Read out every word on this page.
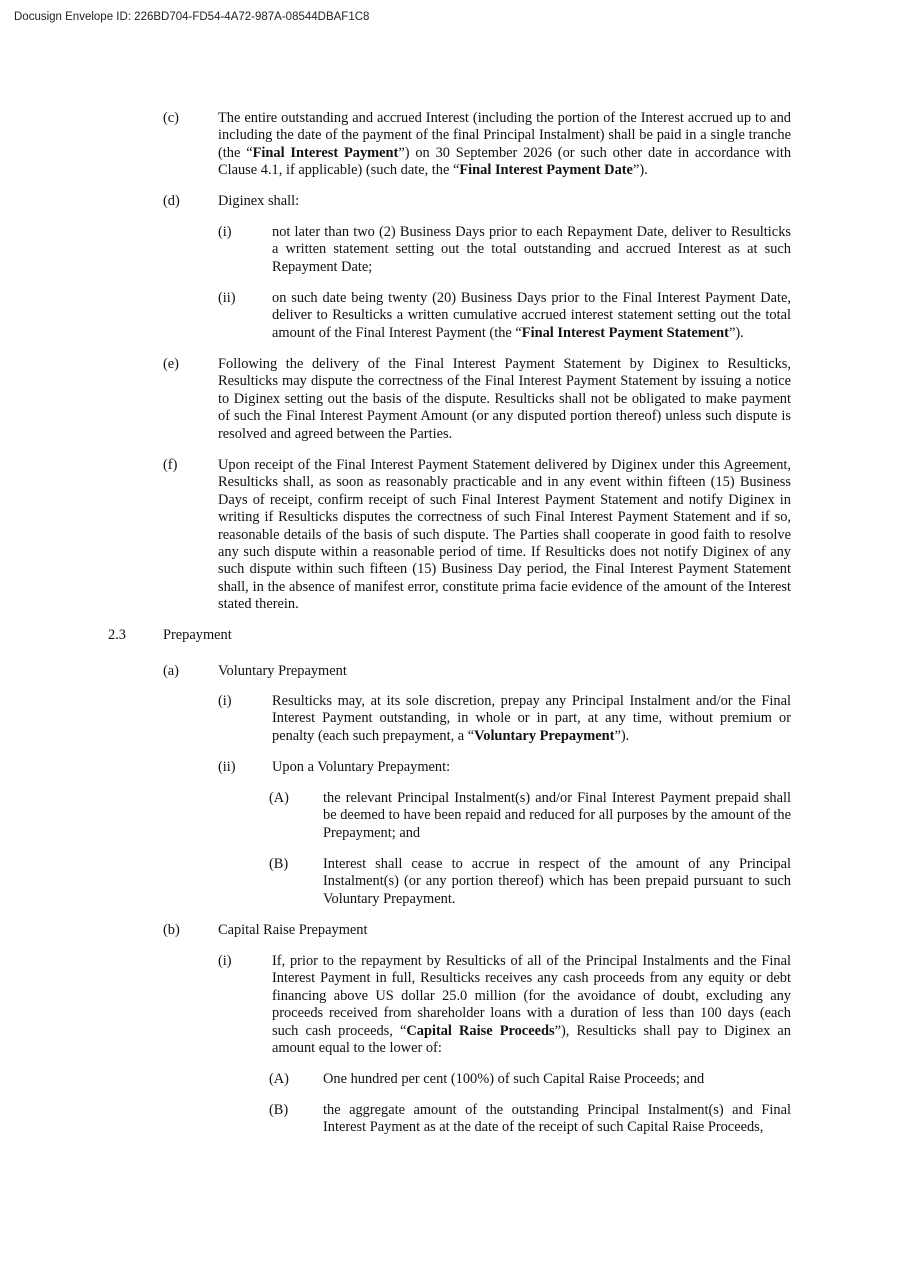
Docusign Envelope ID: 226BD704-FD54-4A72-987A-08544DBAF1C8
(c)	The entire outstanding and accrued Interest (including the portion of the Interest accrued up to and including the date of the payment of the final Principal Instalment) shall be paid in a single tranche (the “Final Interest Payment”) on 30 September 2026 (or such other date in accordance with Clause 4.1, if applicable) (such date, the “Final Interest Payment Date”).
(d)	Diginex shall:
(i)	not later than two (2) Business Days prior to each Repayment Date, deliver to Resulticks a written statement setting out the total outstanding and accrued Interest as at such Repayment Date;
(ii)	on such date being twenty (20) Business Days prior to the Final Interest Payment Date, deliver to Resulticks a written cumulative accrued interest statement setting out the total amount of the Final Interest Payment (the “Final Interest Payment Statement”).
(e)	Following the delivery of the Final Interest Payment Statement by Diginex to Resulticks, Resulticks may dispute the correctness of the Final Interest Payment Statement by issuing a notice to Diginex setting out the basis of the dispute. Resulticks shall not be obligated to make payment of such the Final Interest Payment Amount (or any disputed portion thereof) unless such dispute is resolved and agreed between the Parties.
(f)	Upon receipt of the Final Interest Payment Statement delivered by Diginex under this Agreement, Resulticks shall, as soon as reasonably practicable and in any event within fifteen (15) Business Days of receipt, confirm receipt of such Final Interest Payment Statement and notify Diginex in writing if Resulticks disputes the correctness of such Final Interest Payment Statement and if so, reasonable details of the basis of such dispute. The Parties shall cooperate in good faith to resolve any such dispute within a reasonable period of time. If Resulticks does not notify Diginex of any such dispute within such fifteen (15) Business Day period, the Final Interest Payment Statement shall, in the absence of manifest error, constitute prima facie evidence of the amount of the Interest stated therein.
2.3	Prepayment
(a)	Voluntary Prepayment
(i)	Resulticks may, at its sole discretion, prepay any Principal Instalment and/or the Final Interest Payment outstanding, in whole or in part, at any time, without premium or penalty (each such prepayment, a “Voluntary Prepayment”).
(ii)	Upon a Voluntary Prepayment:
(A) the relevant Principal Instalment(s) and/or Final Interest Payment prepaid shall be deemed to have been repaid and reduced for all purposes by the amount of the Prepayment; and
(B) Interest shall cease to accrue in respect of the amount of any Principal Instalment(s) (or any portion thereof) which has been prepaid pursuant to such Voluntary Prepayment.
(b)	Capital Raise Prepayment
(i)	If, prior to the repayment by Resulticks of all of the Principal Instalments and the Final Interest Payment in full, Resulticks receives any cash proceeds from any equity or debt financing above US dollar 25.0 million (for the avoidance of doubt, excluding any proceeds received from shareholder loans with a duration of less than 100 days (each such cash proceeds, “Capital Raise Proceeds”), Resulticks shall pay to Diginex an amount equal to the lower of:
(A) One hundred per cent (100%) of such Capital Raise Proceeds; and
(B) the aggregate amount of the outstanding Principal Instalment(s) and Final Interest Payment as at the date of the receipt of such Capital Raise Proceeds,
